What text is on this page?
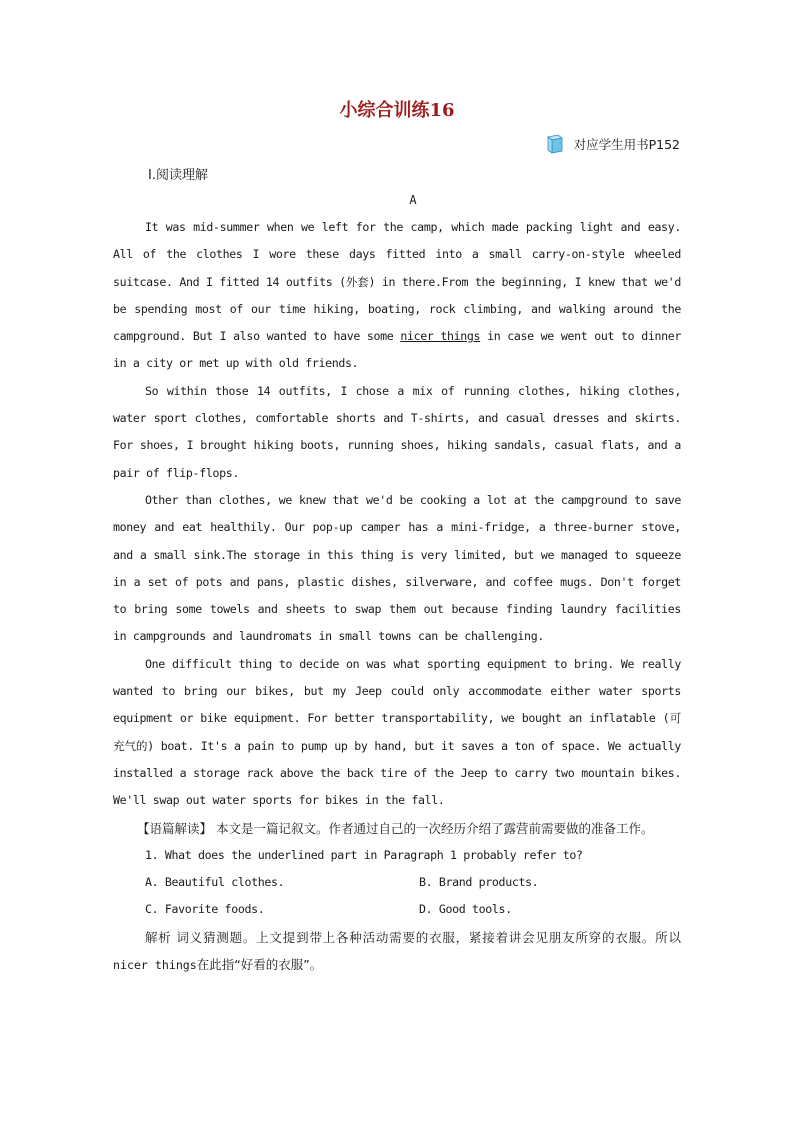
小综合训练16
对应学生用书P152
Ⅰ.阅读理解
A

It was mid-summer when we left for the camp, which made packing light and easy. All of the clothes I wore these days fitted into a small carry-on-style wheeled suitcase. And I fitted 14 outfits (外套) in there.From the beginning, I knew that we'd be spending most of our time hiking, boating, rock climbing, and walking around the campground. But I also wanted to have some nicer things in case we went out to dinner in a city or met up with old friends.

So within those 14 outfits, I chose a mix of running clothes, hiking clothes, water sport clothes, comfortable shorts and T-shirts, and casual dresses and skirts. For shoes, I brought hiking boots, running shoes, hiking sandals, casual flats, and a pair of flip-flops.

Other than clothes, we knew that we'd be cooking a lot at the campground to save money and eat healthily. Our pop-up camper has a mini-fridge, a three-burner stove, and a small sink.The storage in this thing is very limited, but we managed to squeeze in a set of pots and pans, plastic dishes, silverware, and coffee mugs. Don't forget to bring some towels and sheets to swap them out because finding laundry facilities in campgrounds and laundromats in small towns can be challenging.

One difficult thing to decide on was what sporting equipment to bring. We really wanted to bring our bikes, but my Jeep could only accommodate either water sports equipment or bike equipment. For better transportability, we bought an inflatable (可充气的) boat. It's a pain to pump up by hand, but it saves a ton of space. We actually installed a storage rack above the back tire of the Jeep to carry two mountain bikes. We'll swap out water sports for bikes in the fall.

【语篇解读】 本文是一篇记叙文。作者通过自己的一次经历介绍了露营前需要做的准备工作。

1. What does the underlined part in Paragraph 1 probably refer to?

A. Beautiful clothes.	B. Brand products.
C. Favorite foods.	D. Good tools.

解析 词义猜测题。上文提到带上各种活动需要的衣服，紧接着讲会见朋友所穿的衣服。所以nicer things在此指“好看的衣服”。
